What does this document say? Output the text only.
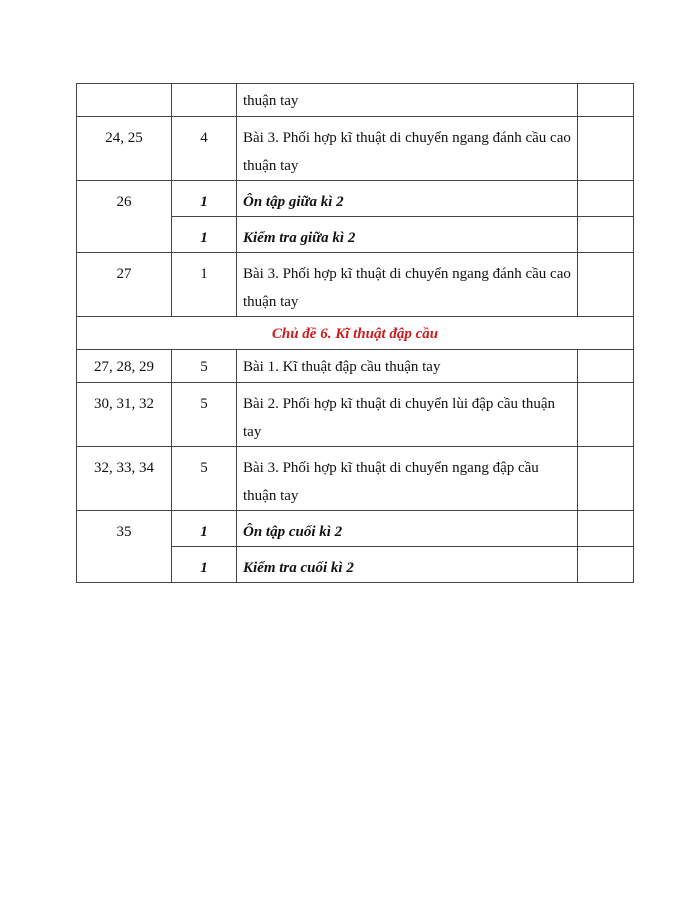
		thuận tay	
24, 25	4	Bài 3. Phối hợp kĩ thuật di chuyển ngang đánh cầu cao thuận tay	
26	1	Ôn tập giữa kì 2	
	1	Kiểm tra giữa kì 2	
27	1	Bài 3. Phối hợp kĩ thuật di chuyển ngang đánh cầu cao thuận tay	
Chủ đề 6. Kĩ thuật đập cầu			
27, 28, 29	5	Bài 1. Kĩ thuật đập cầu thuận tay	
30, 31, 32	5	Bài 2. Phối hợp kĩ thuật di chuyển lùi đập cầu thuận tay	
32, 33, 34	5	Bài 3. Phối hợp kĩ thuật di chuyển ngang đập cầu thuận tay	
35	1	Ôn tập cuối kì 2	
	1	Kiểm tra cuối kì 2	
